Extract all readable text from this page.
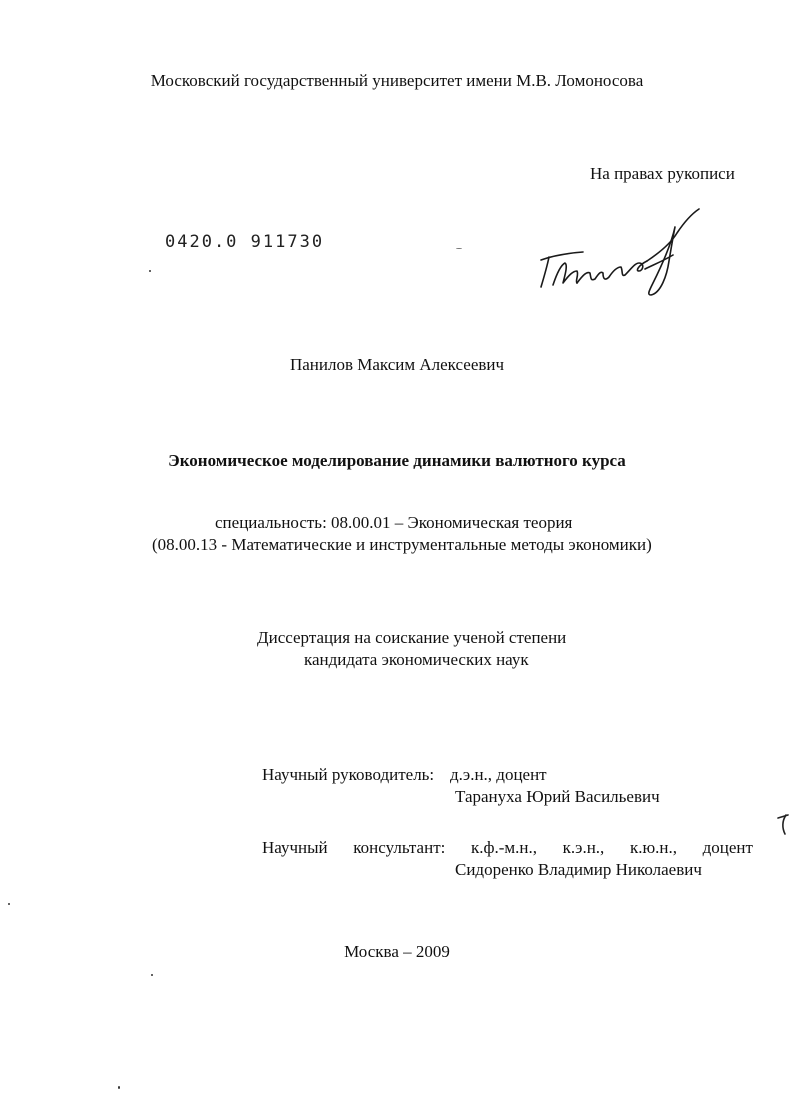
Московский государственный университет имени М.В. Ломоносова
На правах рукописи
0420.0 911730
Панилов Максим Алексеевич
Экономическое моделирование динамики валютного курса
специальность: 08.00.01 – Экономическая теория
(08.00.13 - Математические и инструментальные методы экономики)
Диссертация на соискание ученой степени
кандидата экономических наук
Научный руководитель: д.э.н., доцент
Тарануха Юрий Васильевич
Научный консультант: к.ф.-м.н., к.э.н., к.ю.н., доцент
Сидоренко Владимир Николаевич
Москва – 2009
